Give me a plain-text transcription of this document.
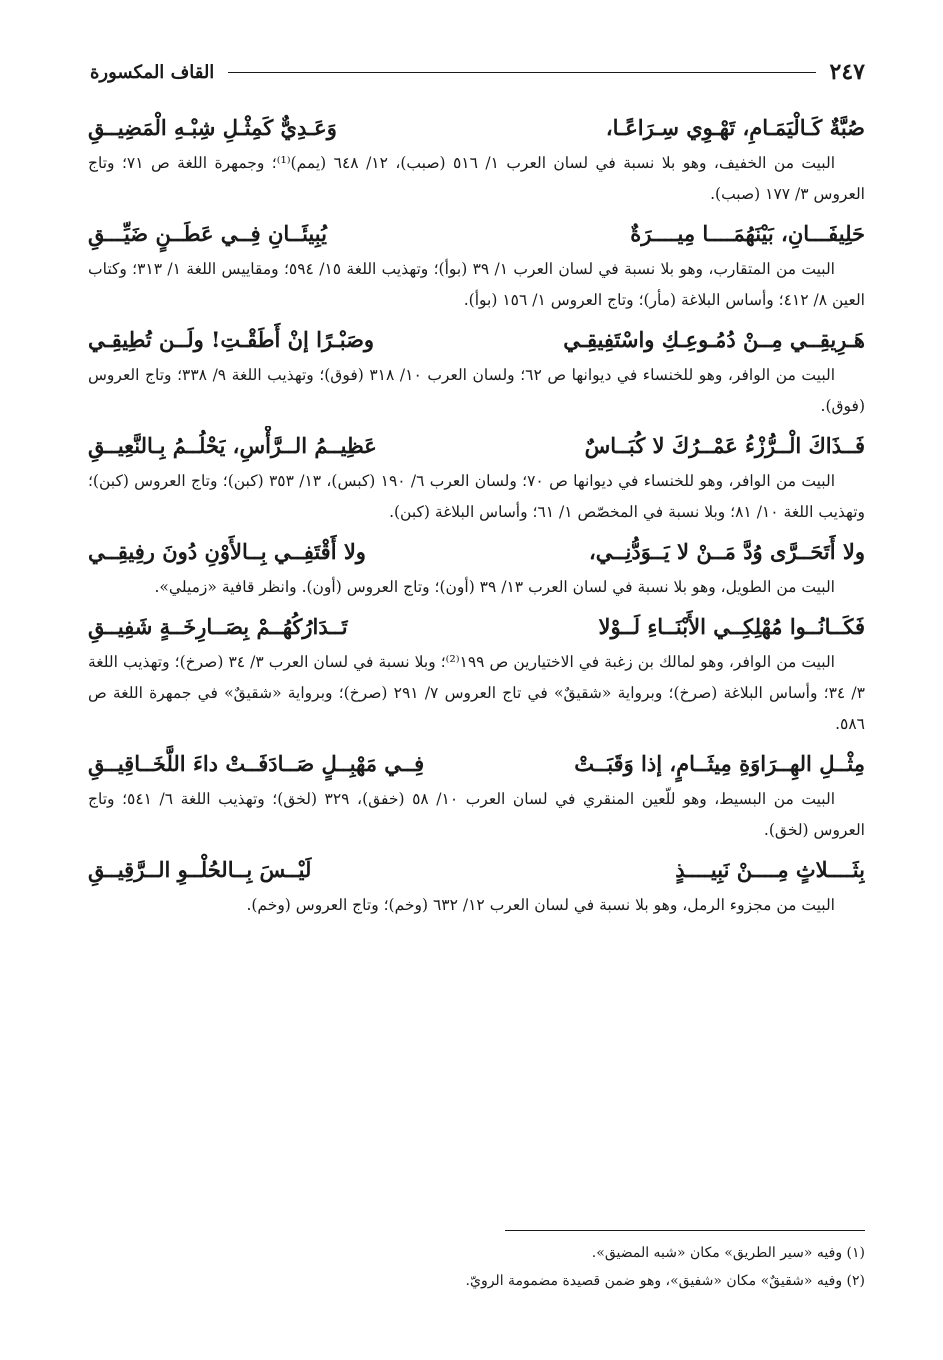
القاف المكسورة	٢٤٧
صُبَّةٌ كَـالْيَمَـامِ، تَهْـوِي سِـرَاعًـا،
وَعَـدِيٌّ كَمِثْـلِ شِبْـهِ الْمَضِيــقِ

البيت من الخفيف، وهو بلا نسبة في لسان العرب ١/ ٥١٦ (صبب)، ١٢/ ٦٤٨ (يمم)⁽¹⁾؛ وجمهرة اللغة ص ٧١؛ وتاج العروس ٣/ ١٧٧ (صبب).

حَلِيفَـــانِ، بَيْنَهُمَــــا مِيــــرَةٌ
يُبِيئَــانِ فِــي عَطَــنٍ ضَيِّـــقِ

البيت من المتقارب، وهو بلا نسبة في لسان العرب ١/ ٣٩ (بوأ)؛ وتهذيب اللغة ١٥/ ٥٩٤؛ ومقاييس اللغة ١/ ٣١٣؛ وكتاب العين ٨/ ٤١٢؛ وأساس البلاغة (مأر)؛ وتاج العروس ١/ ١٥٦ (بوأ).

هَـرِيقِــي مِــنْ دُمُـوعِـكِ واسْتَفِيقِـي
وصَبْـرًا إنْ أَطَقْـتِ! ولَــن تُطِيقِـي

البيت من الوافر، وهو للخنساء في ديوانها ص ٦٢؛ ولسان العرب ١٠/ ٣١٨ (فوق)؛ وتهذيب اللغة ٩/ ٣٣٨؛ وتاج العروس (فوق).

فَــذَاكَ الْــرُّزْءُ عَمْــرُكَ لا كُبَــاسٌ
عَظِيــمُ الــرَّأْسِ، يَحْلُــمُ بِـالنَّعِيــقِ

البيت من الوافر، وهو للخنساء في ديوانها ص ٧٠؛ ولسان العرب ٦/ ١٩٠ (كبس)، ١٣/ ٣٥٣ (كبن)؛ وتاج العروس (كبن)؛ وتهذيب اللغة ١٠/ ٨١؛ وبلا نسبة في المخصّص ١/ ٦١؛ وأساس البلاغة (كبن).

ولا أَتَحَــرَّى وُدَّ مَــنْ لا يَــوَدُّنِــي،
ولا أَقْتَفِــي بِــالأَوْنِ دُونَ رفِيقِــي

البيت من الطويل، وهو بلا نسبة في لسان العرب ١٣/ ٣٩ (أون)؛ وتاج العروس (أون). وانظر قافية «زميلي».

فَكَــانُــوا مُهْلِكِــي الأَبْنَــاءِ لَــوْلا
تَــدَارُكُهُــمْ بِصَــارِخَــةٍ شَفِيــقِ

البيت من الوافر، وهو لمالك بن زغبة في الاختيارين ص ١٩٩⁽²⁾؛ وبلا نسبة في لسان العرب ٣/ ٣٤ (صرخ)؛ وتهذيب اللغة ٣/ ٣٤؛ وأساس البلاغة (صرخ)؛ وبرواية «شقيقٌ» في تاج العروس ٧/ ٢٩١ (صرخ)؛ وبرواية «شقيقٌ» في جمهرة اللغة ص ٥٨٦.

مِثْــلِ الهِــرَاوَةِ مِيثَــامٍ، إذا وَقَبَــتْ
فِــي مَهْبِــلٍ صَــادَفَــتْ داءَ اللَّخَــاقِيــقِ

البيت من البسيط، وهو للّعين المنقري في لسان العرب ١٠/ ٥٨ (خفق)، ٣٢٩ (لخق)؛ وتهذيب اللغة ٦/ ٥٤١؛ وتاج العروس (لخق).

بِثَــــلاثٍ مِــــنْ نَبِيــــذٍ
لَيْــسَ بِــالحُلْــوِ الــرَّقِيــقِ

البيت من مجزوء الرمل، وهو بلا نسبة في لسان العرب ١٢/ ٦٣٢ (وخم)؛ وتاج العروس (وخم).

(١) وفيه «سير الطريق» مكان «شبه المضيق».
(٢) وفيه «شقيقٌ» مكان «شفيق»، وهو ضمن قصيدة مضمومة الرويّ.
